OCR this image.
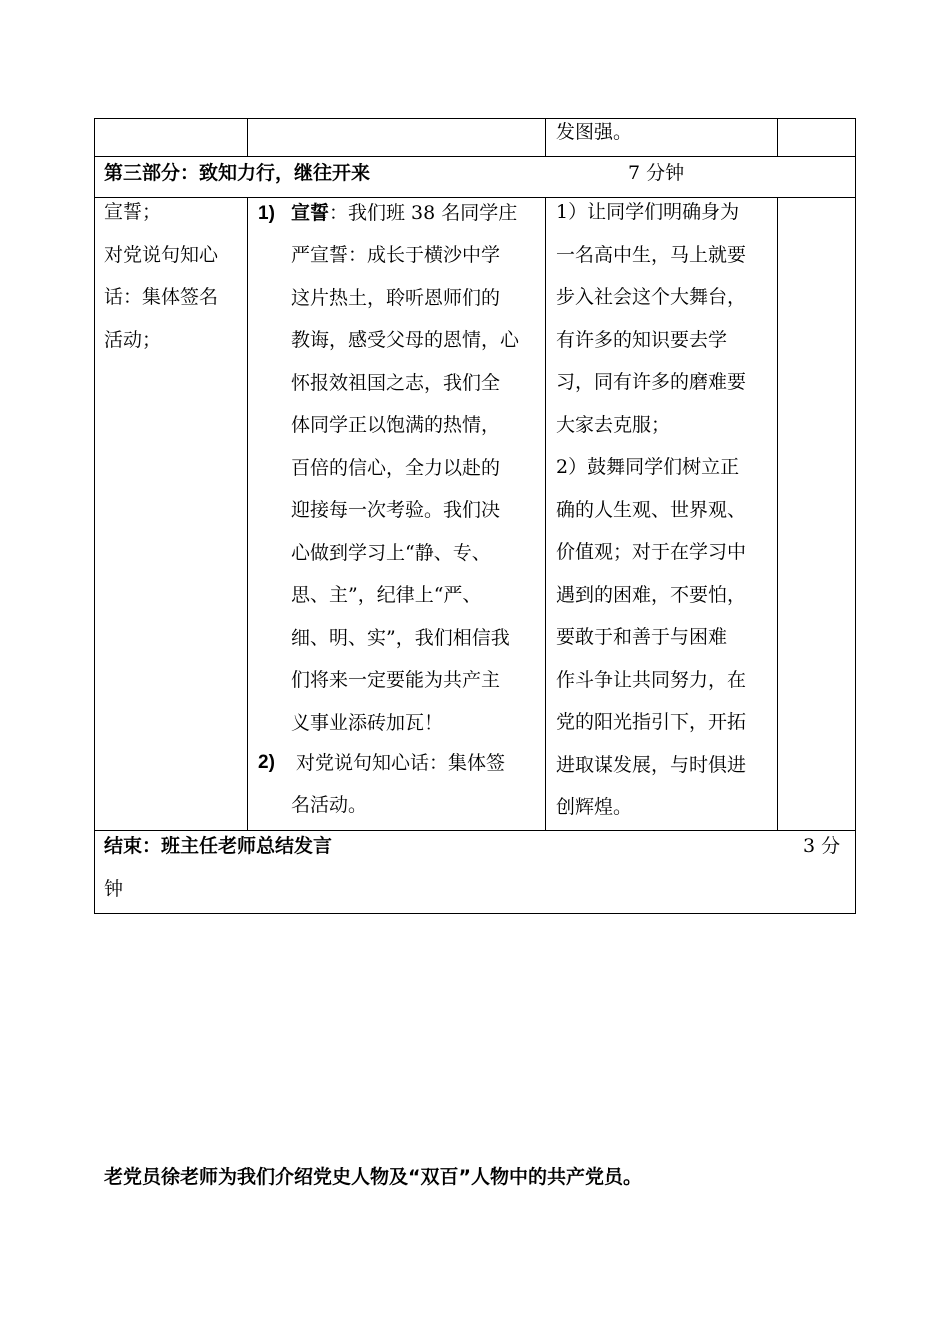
发图强。
第三部分：致知力行，继往开来	7 分钟
宣誓；
对党说句知心
话：集体签名
活动；
1) 宣誓：我们班 38 名同学庄
严宣誓：成长于横沙中学
这片热土，聆听恩师们的
教诲，感受父母的恩情，心
怀报效祖国之志，我们全
体同学正以饱满的热情，
百倍的信心，全力以赴的
迎接每一次考验。我们决
心做到学习上“静、专、
思、主”，纪律上“严、
细、明、实”，我们相信我
们将来一定要能为共产主
义事业添砖加瓦！
2) 对党说句知心话：集体签
名活动。
1）让同学们明确身为
一名高中生，马上就要
步入社会这个大舞台，
有许多的知识要去学
习，同有许多的磨难要
大家去克服；
2）鼓舞同学们树立正
确的人生观、世界观、
价值观；对于在学习中
遇到的困难，不要怕，
要敢于和善于与困难
作斗争让共同努力，在
党的阳光指引下，开拓
进取谋发展，与时俱进
创辉煌。
结束：班主任老师总结发言	3 分
钟
老党员徐老师为我们介绍党史人物及“双百”人物中的共产党员。
